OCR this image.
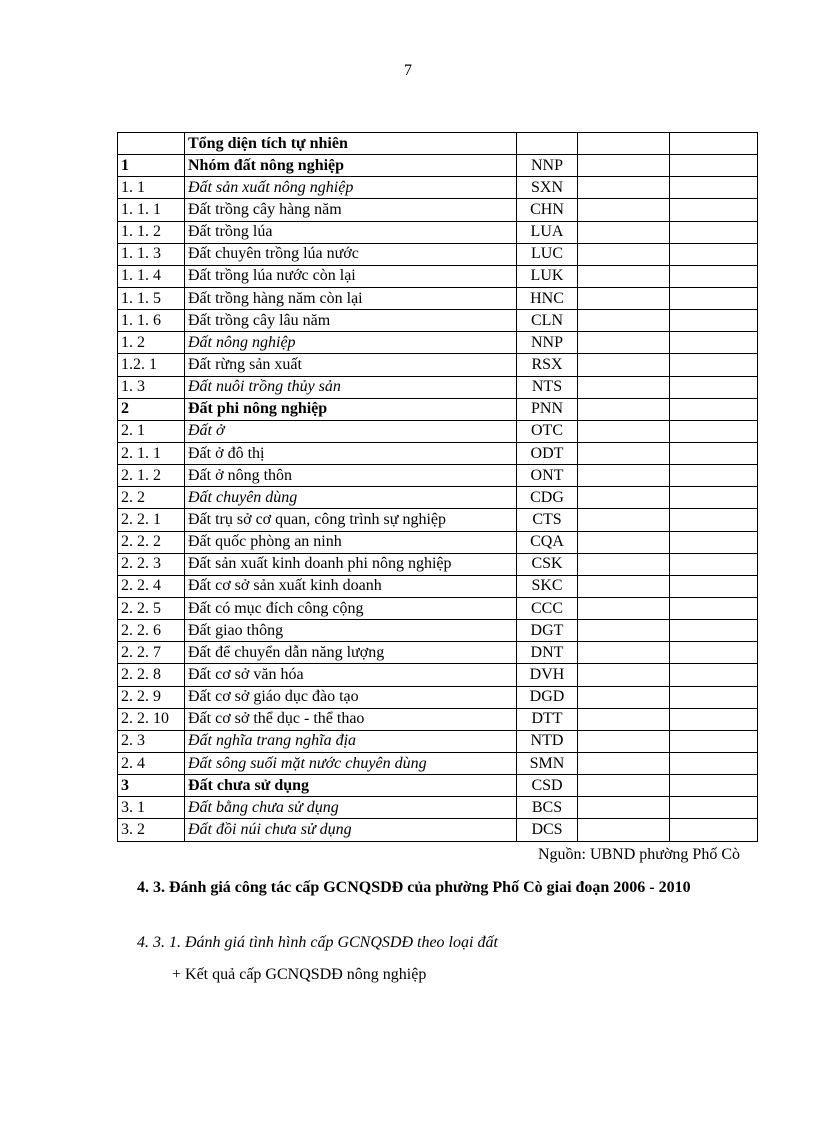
7
	Tổng diện tích tự nhiên			
1	Nhóm đất nông nghiệp	NNP		
1. 1	Đất sản xuất nông nghiệp	SXN		
1. 1. 1	Đất trồng cây hàng năm	CHN		
1. 1. 2	Đất trồng lúa	LUA		
1. 1. 3	Đất chuyên trồng lúa nước	LUC		
1. 1. 4	Đất trồng lúa nước còn lại	LUK		
1. 1. 5	Đất trồng hàng năm còn lại	HNC		
1. 1. 6	Đất trồng cây lâu năm	CLN		
1. 2	Đất nông nghiệp	NNP		
1.2. 1	Đất rừng sản xuất	RSX		
1. 3	Đất nuôi trồng thủy sản	NTS		
2	Đất phi nông nghiệp	PNN		
2. 1	Đất ở	OTC		
2. 1. 1	Đất ở đô thị	ODT		
2. 1. 2	Đất ở nông thôn	ONT		
2. 2	Đất chuyên dùng	CDG		
2. 2. 1	Đất trụ sở cơ quan, công trình sự nghiệp	CTS		
2. 2. 2	Đất quốc phòng an ninh	CQA		
2. 2. 3	Đất sản xuất kinh doanh phi nông nghiệp	CSK		
2. 2. 4	Đất cơ sở sản xuất kinh doanh	SKC		
2. 2. 5	Đất có mục đích công cộng	CCC		
2. 2. 6	Đất giao thông	DGT		
2. 2. 7	Đất để chuyển dẫn năng lượng	DNT		
2. 2. 8	Đất cơ sở văn hóa	DVH		
2. 2. 9	Đất cơ sở giáo dục đào tạo	DGD		
2. 2. 10	Đất cơ sở thể dục - thể thao	DTT		
2. 3	Đất nghĩa trang nghĩa địa	NTD		
2. 4	Đất sông suối mặt nước chuyên dùng	SMN		
3	Đất chưa sử dụng	CSD		
3. 1	Đất bằng chưa sử dụng	BCS		
3. 2	Đất đồi núi chưa sử dụng	DCS		
Nguồn: UBND phường Phố Cò
4. 3. Đánh giá công tác cấp GCNQSDĐ của phường Phố Cò giai đoạn 2006 - 2010
4. 3. 1. Đánh giá tình hình cấp GCNQSDĐ theo loại đất
+ Kết quả cấp GCNQSDĐ nông nghiệp
